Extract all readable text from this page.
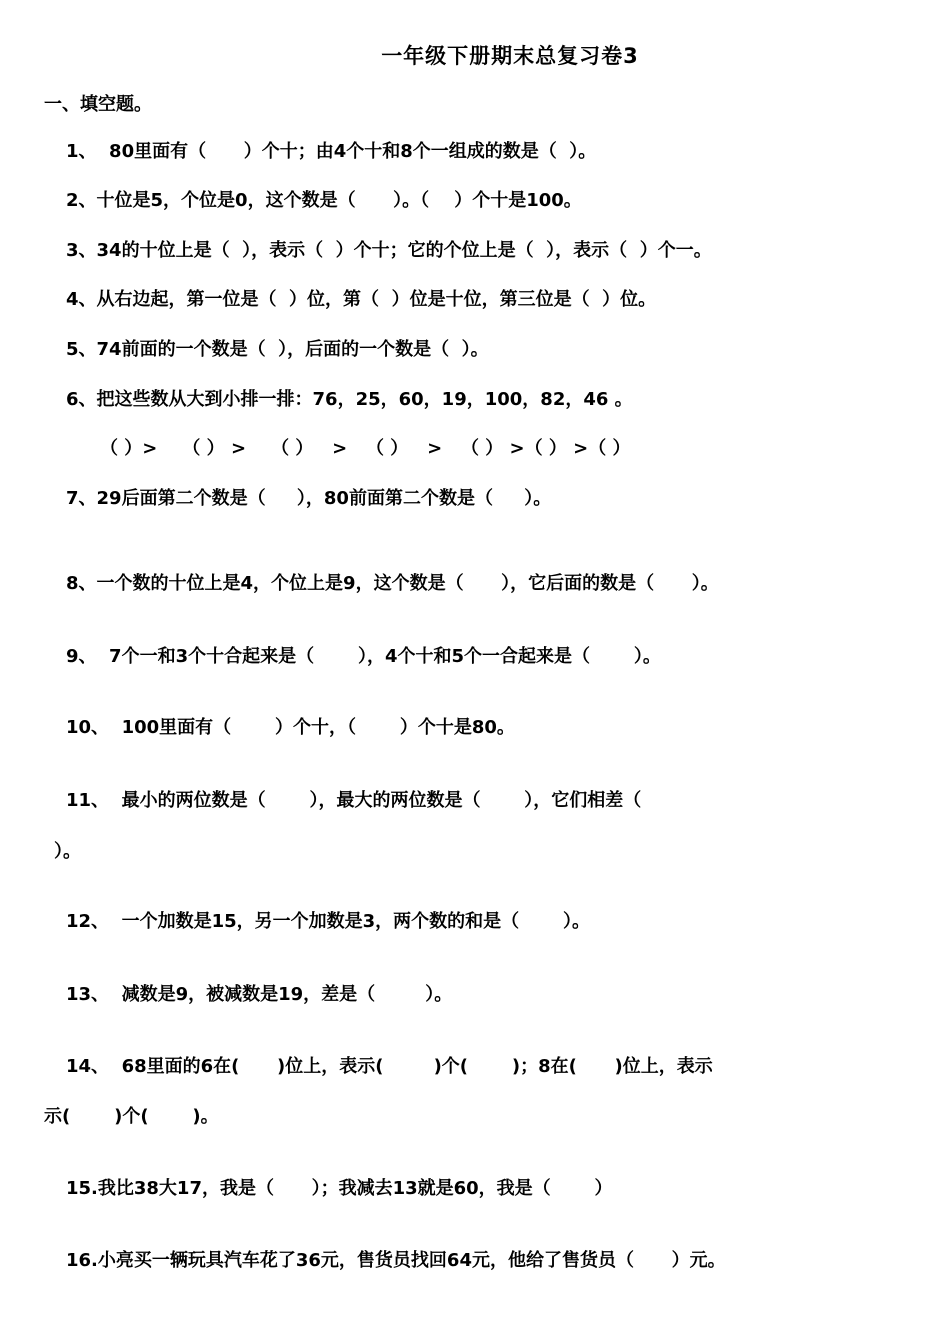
一年级下册期末总复习卷3
一、填空题。
1、  80里面有（      ）个十；由4个十和8个一组成的数是（  ）。
2、十位是5，个位是0，这个数是（      ）。（    ）个十是100。
3、34的十位上是（  ），表示（  ）个十；它的个位上是（  ），表示（  ）个一。
4、从右边起，第一位是（  ）位，第（  ）位是十位，第三位是（  ）位。
5、74前面的一个数是（  ），后面的一个数是（  ）。
6、把这些数从大到小排一排：76，25，60，19，100，82，46 。
（ ）>    （ ） >    （ ）   >   （ ）   >   （ ） >（ ） >（ ）
7、29后面第二个数是（     ），80前面第二个数是（     ）。
8、一个数的十位上是4，个位上是9，这个数是（      ），它后面的数是（      ）。
9、  7个一和3个十合起来是（       ），4个十和5个一合起来是（       ）。
10、  100里面有（       ）个十，（       ）个十是80。
11、  最小的两位数是（       ），最大的两位数是（       ），它们相差（
）。
12、  一个加数是15，另一个加数是3，两个数的和是（       ）。
13、  减数是9，被减数是19，差是（        ）。
14、  68里面的6在(      )位上，表示(        )个(       )；8在(      )位上，表示
示(       )个(       )。
15.我比38大17，我是（      ）；我减去13就是60，我是（       ）
16.小亮买一辆玩具汽车花了36元，售货员找回64元，他给了售货员（      ）元。
